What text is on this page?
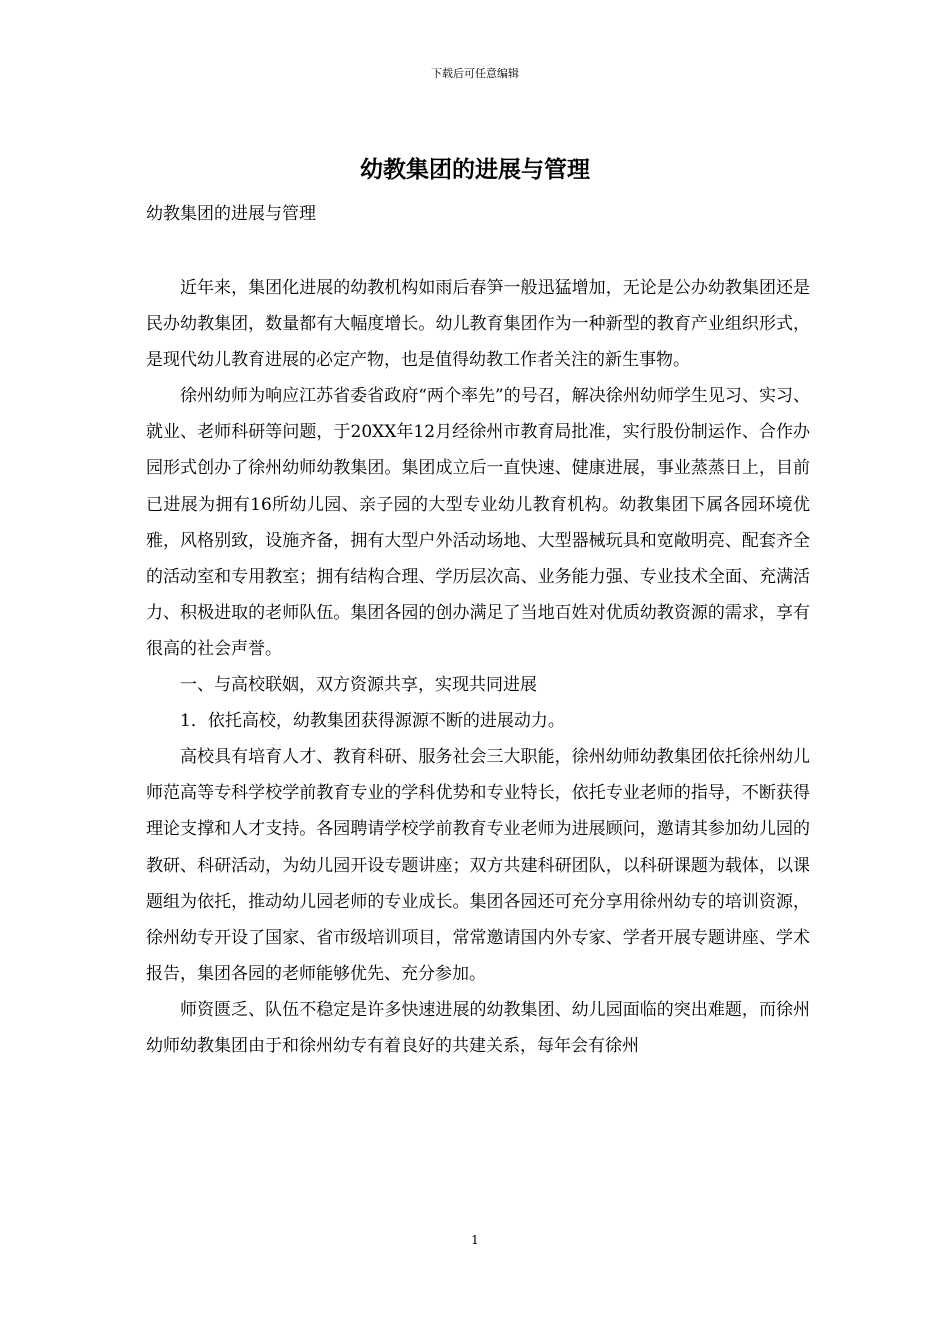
下载后可任意编辑
幼教集团的进展与管理
幼教集团的进展与管理

近年来，集团化进展的幼教机构如雨后春笋一般迅猛增加，无论是公办幼教集团还是民办幼教集团，数量都有大幅度增长。幼儿教育集团作为一种新型的教育产业组织形式，是现代幼儿教育进展的必定产物，也是值得幼教工作者关注的新生事物。

徐州幼师为响应江苏省委省政府“两个率先”的号召，解决徐州幼师学生见习、实习、就业、老师科研等问题，于20XX年12月经徐州市教育局批准，实行股份制运作、合作办园形式创办了徐州幼师幼教集团。集团成立后一直快速、健康进展，事业蒸蒸日上，目前已进展为拥有16所幼儿园、亲子园的大型专业幼儿教育机构。幼教集团下属各园环境优雅，风格别致，设施齐备，拥有大型户外活动场地、大型器械玩具和宽敞明亮、配套齐全的活动室和专用教室；拥有结构合理、学历层次高、业务能力强、专业技术全面、充满活力、积极进取的老师队伍。集团各园的创办满足了当地百姓对优质幼教资源的需求，享有很高的社会声誉。

一、与高校联姻，双方资源共享，实现共同进展

1．依托高校，幼教集团获得源源不断的进展动力。

高校具有培育人才、教育科研、服务社会三大职能，徐州幼师幼教集团依托徐州幼儿师范高等专科学校学前教育专业的学科优势和专业特长，依托专业老师的指导，不断获得理论支撑和人才支持。各园聘请学校学前教育专业老师为进展顾问，邀请其参加幼儿园的教研、科研活动，为幼儿园开设专题讲座；双方共建科研团队，以科研课题为载体，以课题组为依托，推动幼儿园老师的专业成长。集团各园还可充分享用徐州幼专的培训资源，徐州幼专开设了国家、省市级培训项目，常常邀请国内外专家、学者开展专题讲座、学术报告，集团各园的老师能够优先、充分参加。

师资匮乏、队伍不稳定是许多快速进展的幼教集团、幼儿园面临的突出难题，而徐州幼师幼教集团由于和徐州幼专有着良好的共建关系，每年会有徐州

1
